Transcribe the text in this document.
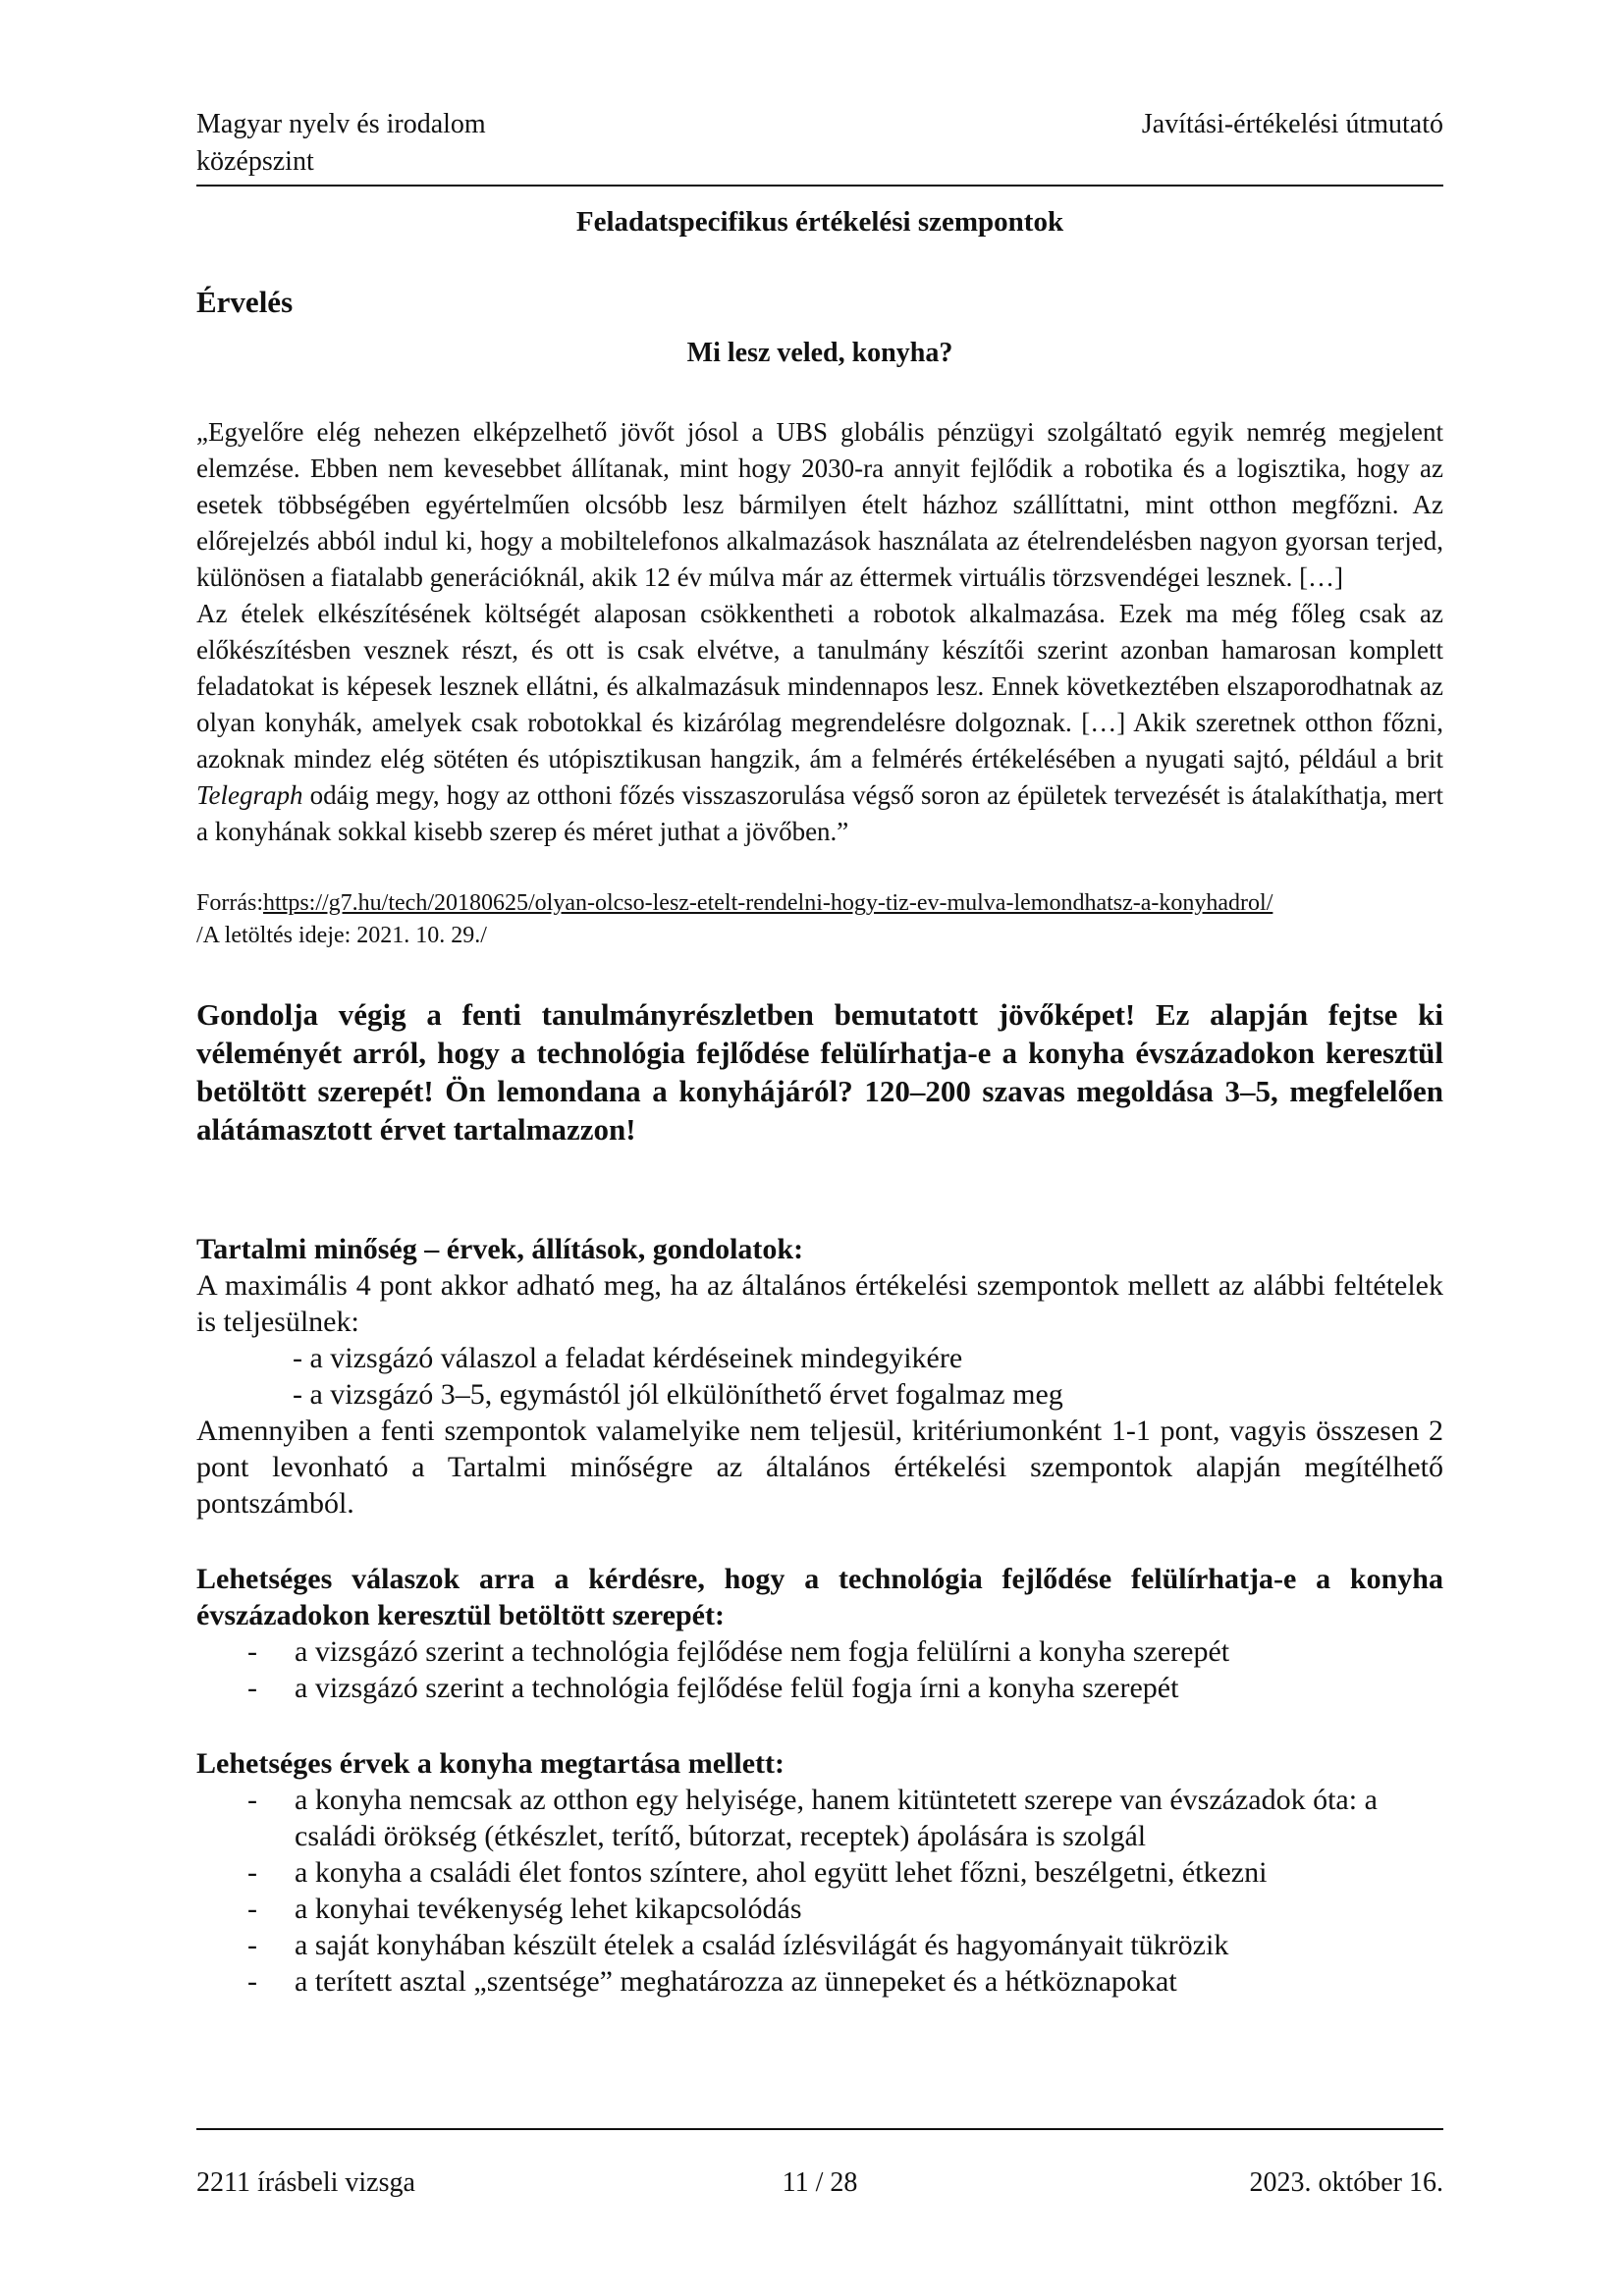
Magyar nyelv és irodalom
középszint
Javítási-értékelési útmutató
Feladatspecifikus értékelési szempontok
Érvelés
Mi lesz veled, konyha?

„Egyelőre elég nehezen elképzelhető jövőt jósol a UBS globális pénzügyi szolgáltató egyik nemrég megjelent elemzése. Ebben nem kevesebbet állítanak, mint hogy 2030-ra annyit fejlődik a robotika és a logisztika, hogy az esetek többségében egyértelműen olcsóbb lesz bármilyen ételt házhoz szállíttatni, mint otthon megfőzni. Az előrejelzés abból indul ki, hogy a mobiltelefonos alkalmazások használata az ételrendelésben nagyon gyorsan terjed, különösen a fiatalabb generációknál, akik 12 év múlva már az éttermek virtuális törzsvendégei lesznek. […]

Az ételek elkészítésének költségét alaposan csökkentheti a robotok alkalmazása. Ezek ma még főleg csak az előkészítésben vesznek részt, és ott is csak elvétve, a tanulmány készítői szerint azonban hamarosan komplett feladatokat is képesek lesznek ellátni, és alkalmazásuk mindennapos lesz. Ennek következtében elszaporodhatnak az olyan konyhák, amelyek csak robotokkal és kizárólag megrendelésre dolgoznak. […] Akik szeretnek otthon főzni, azoknak mindez elég sötéten és utópisztikusan hangzik, ám a felmérés értékelésében a nyugati sajtó, például a brit Telegraph odáig megy, hogy az otthoni főzés visszaszorulása végső soron az épületek tervezését is átalakíthatja, mert a konyhának sokkal kisebb szerep és méret juthat a jövőben.”

Forrás:https://g7.hu/tech/20180625/olyan-olcso-lesz-etelt-rendelni-hogy-tiz-ev-mulva-lemondhatsz-a-konyhadrol/
/A letöltés ideje: 2021. 10. 29./
Gondolja végig a fenti tanulmányrészletben bemutatott jövőképet! Ez alapján fejtse ki véleményét arról, hogy a technológia fejlődése felülírhatja-e a konyha évszázadokon keresztül betöltött szerepét! Ön lemondana a konyhájáról? 120–200 szavas megoldása 3–5, megfelelően alátámasztott érvet tartalmazzon!
Tartalmi minőség – érvek, állítások, gondolatok:
A maximális 4 pont akkor adható meg, ha az általános értékelési szempontok mellett az alábbi feltételek is teljesülnek:
- a vizsgázó válaszol a feladat kérdéseinek mindegyikére
- a vizsgázó 3–5, egymástól jól elkülöníthető érvet fogalmaz meg
Amennyiben a fenti szempontok valamelyike nem teljesül, kritériumonként 1-1 pont, vagyis összesen 2 pont levonható a Tartalmi minőségre az általános értékelési szempontok alapján megítélhető pontszámból.
Lehetséges válaszok arra a kérdésre, hogy a technológia fejlődése felülírhatja-e a konyha évszázadokon keresztül betöltött szerepét:
- a vizsgázó szerint a technológia fejlődése nem fogja felülírni a konyha szerepét
- a vizsgázó szerint a technológia fejlődése felül fogja írni a konyha szerepét
Lehetséges érvek a konyha megtartása mellett:
- a konyha nemcsak az otthon egy helyisége, hanem kitüntetett szerepe van évszázadok óta: a családi örökség (étkészlet, terítő, bútorzat, receptek) ápolására is szolgál
- a konyha a családi élet fontos színtere, ahol együtt lehet főzni, beszélgetni, étkezni
- a konyhai tevékenység lehet kikapcsolódás
- a saját konyhában készült ételek a család ízlésvilágát és hagyományait tükrözik
- a terített asztal „szentsége” meghatározza az ünnepeket és a hétköznapokat
2211 írásbeli vizsga	11 / 28	2023. október 16.
